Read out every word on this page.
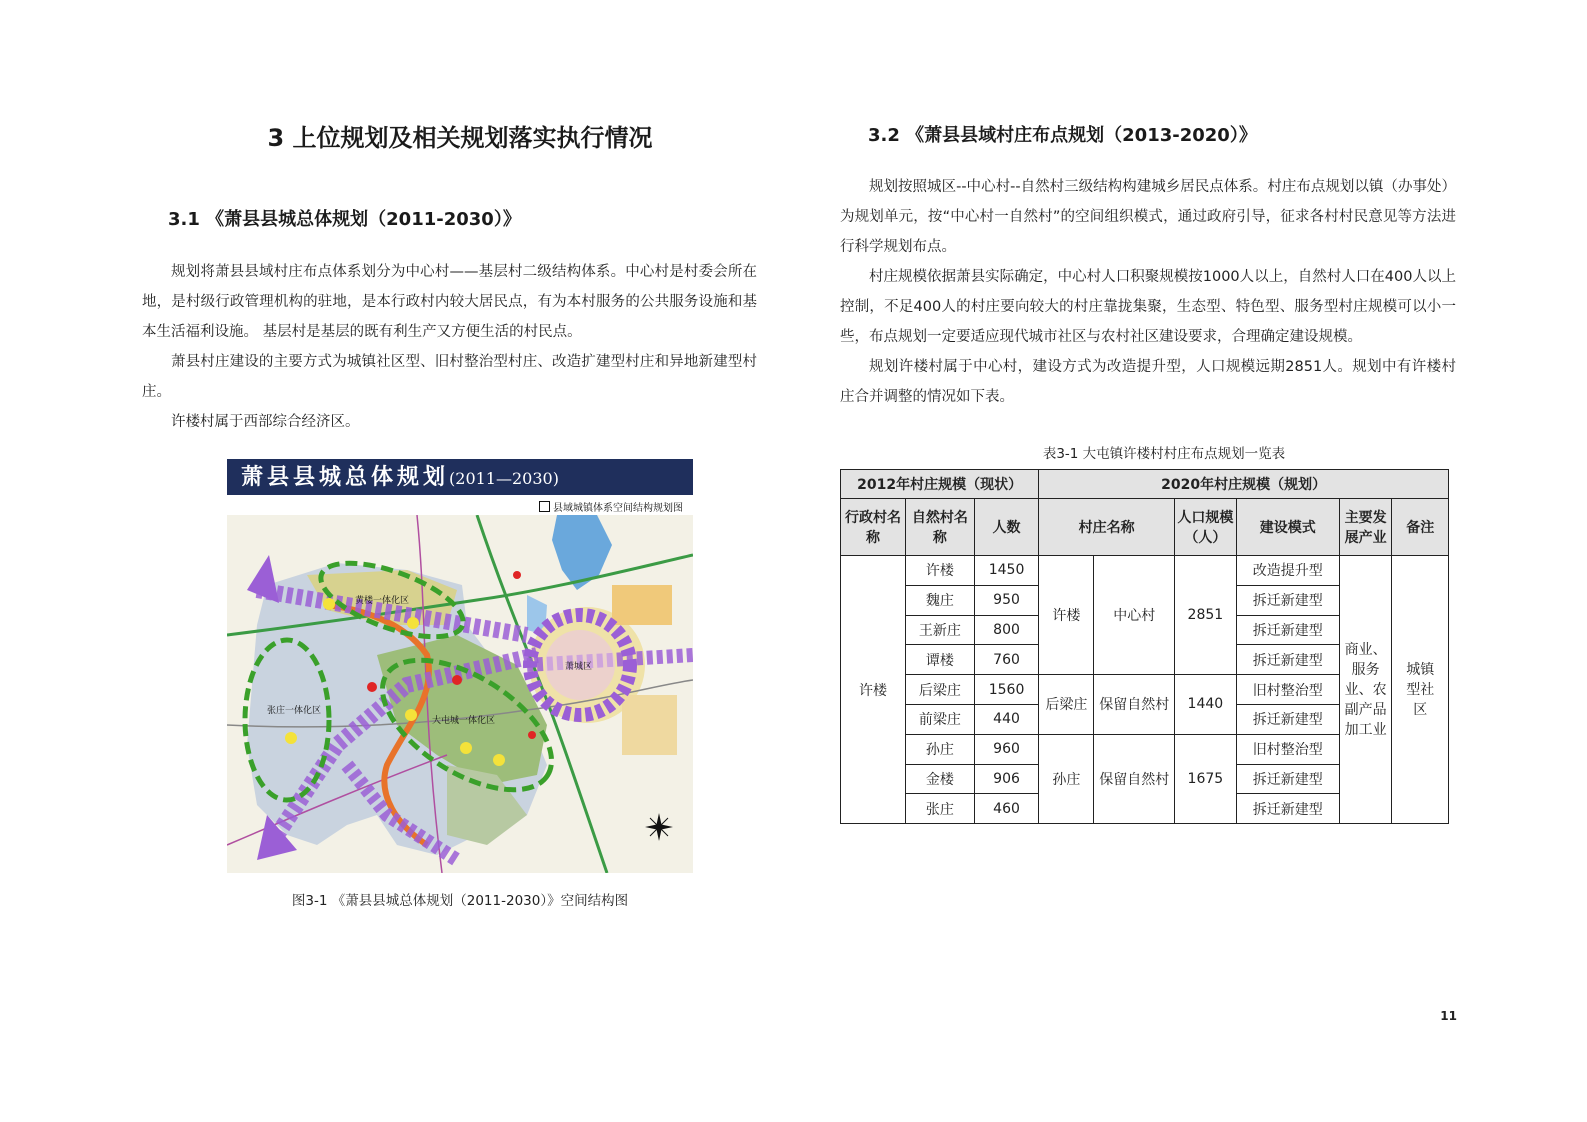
3 上位规划及相关规划落实执行情况
3.1 《萧县县城总体规划（2011-2030）》

规划将萧县县域村庄布点体系划分为中心村——基层村二级结构体系。中心村是村委会所在地，是村级行政管理机构的驻地，是本行政村内较大居民点，有为本村服务的公共服务设施和基本生活福利设施。 基层村是基层的既有利生产又方便生活的村民点。

萧县村庄建设的主要方式为城镇社区型、旧村整治型村庄、改造扩建型村庄和异地新建型村庄。

许楼村属于西部综合经济区。

萧县县城总体规划(2011—2030)
县域城镇体系空间结构规划图
黄楼一体化区
张庄一体化区
大屯城一体化区
萧城区
图3-1 《萧县县城总体规划（2011-2030）》空间结构图
3.2 《萧县县域村庄布点规划（2013-2020）》

规划按照城区--中心村--自然村三级结构构建城乡居民点体系。村庄布点规划以镇（办事处）为规划单元，按“中心村一自然村”的空间组织模式，通过政府引导，征求各村村民意见等方法进行科学规划布点。

村庄规模依据萧县实际确定，中心村人口积聚规模按1000人以上，自然村人口在400人以上控制，不足400人的村庄要向较大的村庄靠拢集聚，生态型、特色型、服务型村庄规模可以小一些，布点规划一定要适应现代城市社区与农村社区建设要求，合理确定建设规模。

规划许楼村属于中心村，建设方式为改造提升型，人口规模远期2851人。规划中有许楼村庄合并调整的情况如下表。

表3-1 大屯镇许楼村村庄布点规划一览表
2012年村庄规模（现状）			2020年村庄规模（规划）					
行政村名称	自然村名称	人数	村庄名称		人口规模（人）	建设模式	主要发展产业	备注
许楼	许楼	1450	许楼	中心村	2851	改造提升型	商业、服务业、农副产品加工业	城镇型社区
	魏庄	950				拆迁新建型		
	王新庄	800				拆迁新建型		
	谭楼	760				拆迁新建型		
	后梁庄	1560	后梁庄	保留自然村	1440	旧村整治型		
	前梁庄	440				拆迁新建型		
	孙庄	960	孙庄	保留自然村	1675	旧村整治型		
	金楼	906				拆迁新建型		
	张庄	460				拆迁新建型		
11
